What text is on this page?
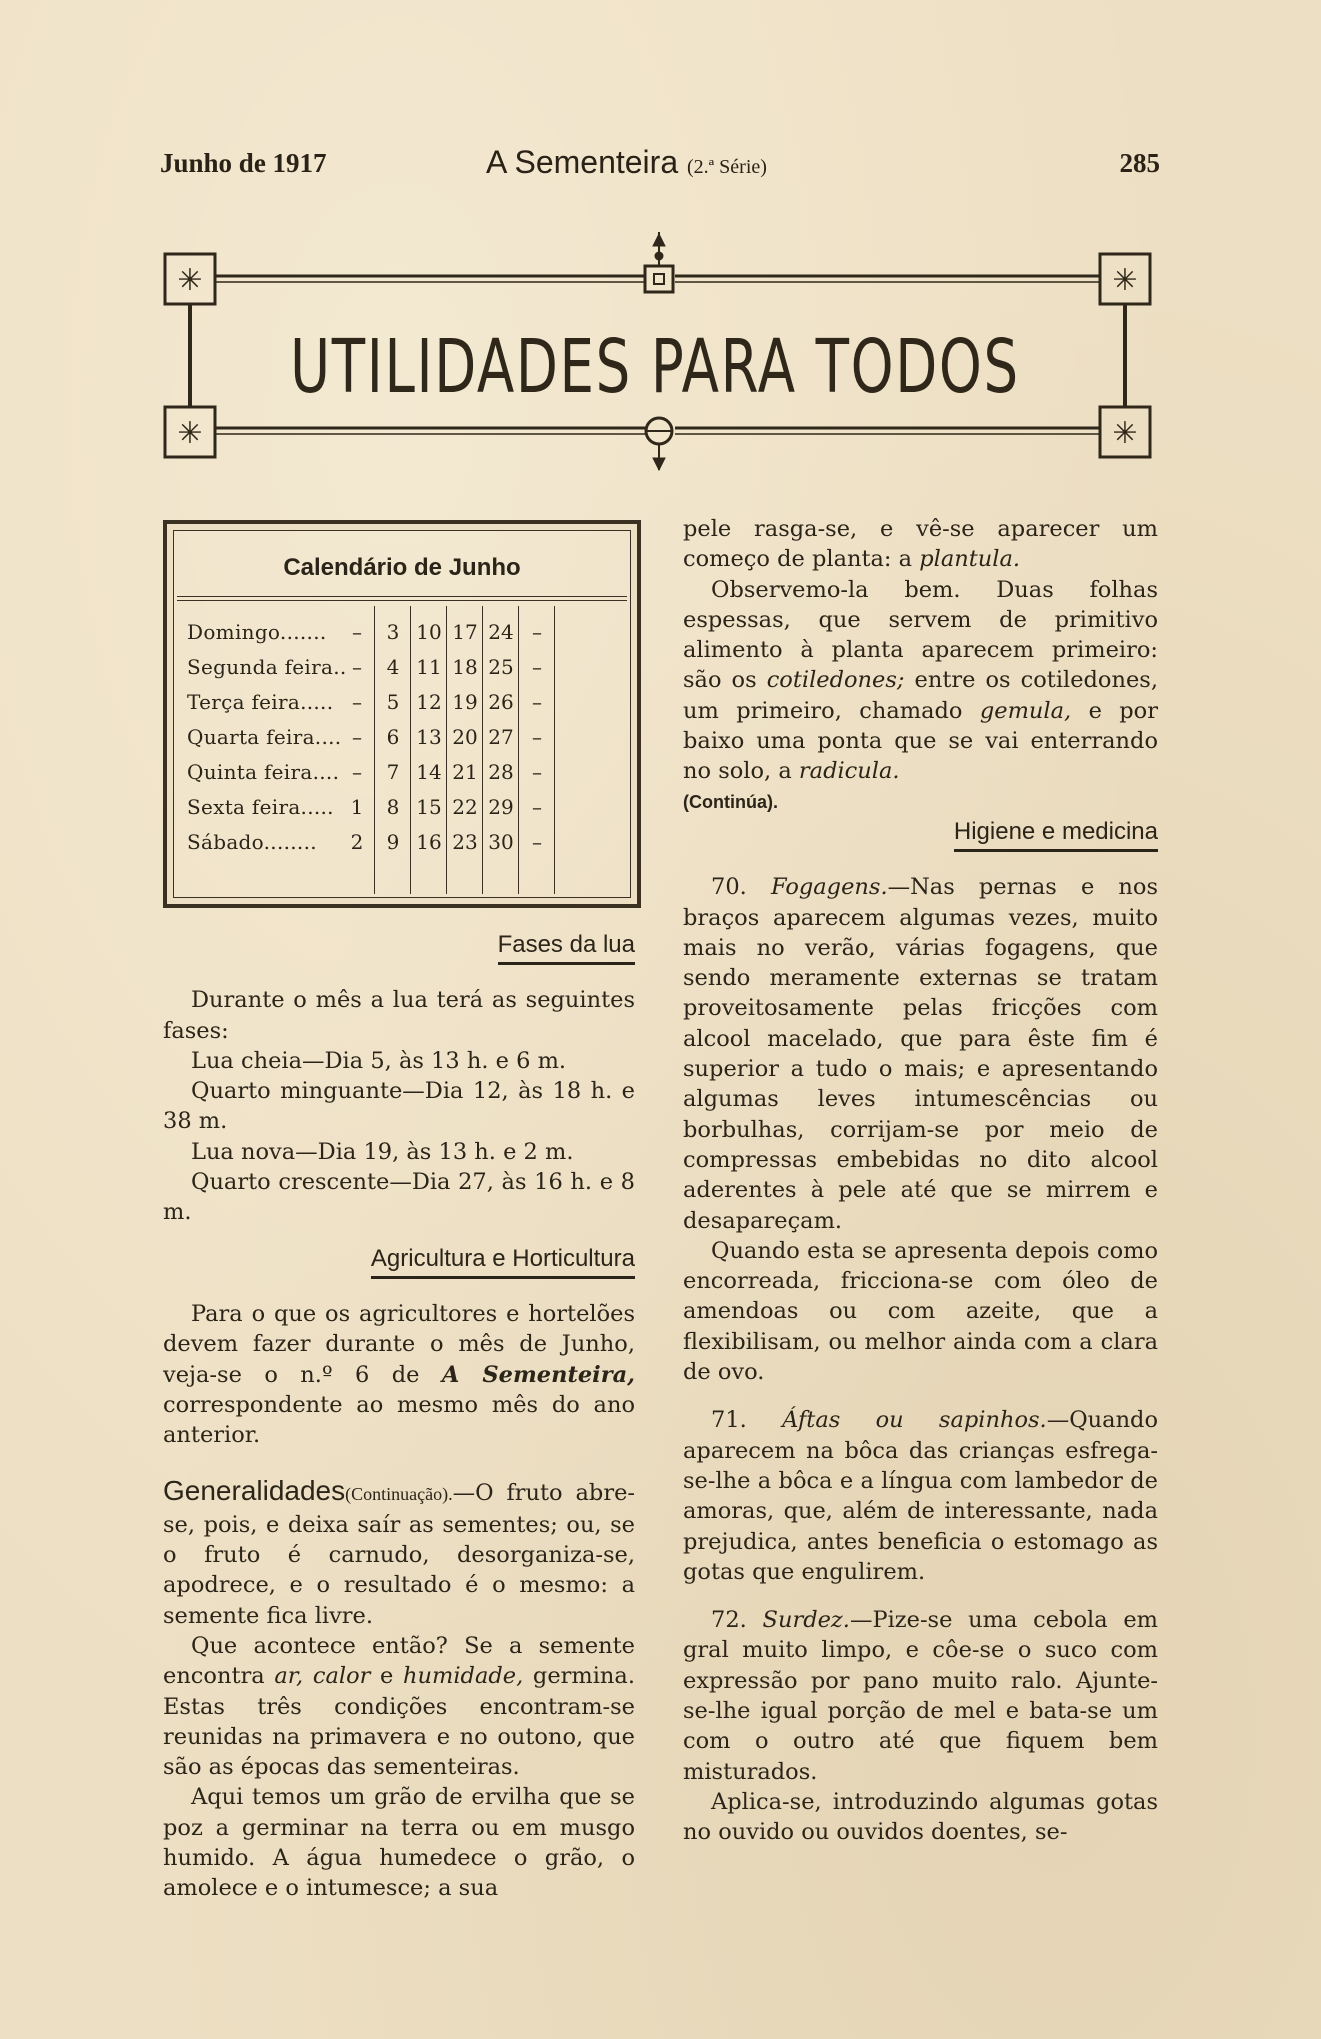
Junho de 1917	A Sementeira (2.ª Série)	285
✳	✳
✳	✳
UTILIDADES PARA TODOS
Calendário de Junho
Domingo.......	–	3 10 17 24 –
Segunda feira.. –	4 11 18 25 –
Terça feira..... –	5 12 19 26 –
Quarta feira.... –	6 13 20 27 –
Quinta feira.... –	7 14 21 28 –
Sexta feira..... 1	8 15 22 29 –
Sábado........	2	9 16 23 30 –

Fases da lua

Durante o mês a lua terá as seguintes fases:

Lua cheia—Dia 5, às 13 h. e 6 m.

Quarto minguante—Dia 12, às 18 h. e 38 m.

Lua nova—Dia 19, às 13 h. e 2 m.

Quarto crescente—Dia 27, às 16 h. e 8 m.

Agricultura e Horticultura

Para o que os agricultores e hortelões devem fazer durante o mês de Junho, veja-se o n.º 6 de A Sementeira, correspondente ao mesmo mês do ano anterior.

Generalidades(Continuação).—O fruto abre-se, pois, e deixa saír as sementes; ou, se o fruto é carnudo, desorganiza-se, apodrece, e o resultado é o mesmo: a semente fica livre.

Que acontece então? Se a semente encontra ar, calor e humidade, germina. Estas três condições encontram-se reunidas na primavera e no outono, que são as épocas das sementeiras.

Aqui temos um grão de ervilha que se poz a germinar na terra ou em musgo humido. A água humedece o grão, o amolece e o intumesce; a sua

pele rasga-se, e vê-se aparecer um começo de planta: a plantula.

Observemo-la bem. Duas folhas espessas, que servem de primitivo alimento à planta aparecem primeiro: são os cotiledones; entre os cotiledones, um primeiro, chamado gemula, e por baixo uma ponta que se vai enterrando no solo, a radicula.

(Continúa).

Higiene e medicina

70. Fogagens.—Nas pernas e nos braços aparecem algumas vezes, muito mais no verão, várias fogagens, que sendo meramente externas se tratam proveitosamente pelas fricções com alcool macelado, que para êste fim é superior a tudo o mais; e apresentando algumas leves intumescências ou borbulhas, corrijam-se por meio de compressas embebidas no dito alcool aderentes à pele até que se mirrem e desapareçam.

Quando esta se apresenta depois como encorreada, fricciona-se com óleo de amendoas ou com azeite, que a flexibilisam, ou melhor ainda com a clara de ovo.

71. Áftas ou sapinhos.—Quando aparecem na bôca das crianças esfrega-se-lhe a bôca e a língua com lambedor de amoras, que, além de interessante, nada prejudica, antes beneficia o estomago as gotas que engulirem.

72. Surdez.—Pize-se uma cebola em gral muito limpo, e côe-se o suco com expressão por pano muito ralo. Ajunte-se-lhe igual porção de mel e bata-se um com o outro até que fiquem bem misturados.

Aplica-se, introduzindo algumas gotas no ouvido ou ouvidos doentes, se-
